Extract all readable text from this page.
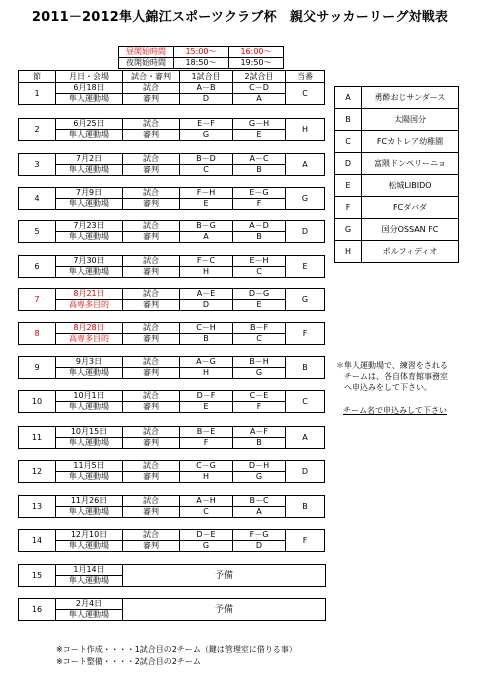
2011－2012隼人錦江スポーツクラブ杯　親父サッカーリーグ対戦表
昼開始時間	15:00～	16:00～
夜開始時間	18:50～	19:50～
節	月日・会場	試合・審判	1試合目	2試合目	当番
1	6月18日	試合	A－B	C－D	C
	隼人運動場	審判	D	A	
2	6月25日	試合	E－F	G－H	H
	隼人運動場	審判	G	E	
3	7月2日	試合	B－D	A－C	A
	隼人運動場	審判	C	B	
4	7月9日	試合	F－H	E－G	G
	隼人運動場	審判	E	F	
5	7月23日	試合	B－G	A－D	D
	隼人運動場	審判	A	B	
6	7月30日	試合	F－C	E－H	E
	隼人運動場	審判	H	C	
7	8月21日	試合	A－E	D－G	G
	高専多目的	審判	D	E	
8	8月28日	試合	C－H	B－F	F
	高専多目的	審判	B	C	
9	9月3日	試合	A－G	B－H	B
	隼人運動場	審判	H	G	
10	10月1日	試合	D－F	C－E	C
	隼人運動場	審判	E	F	
11	10月15日	試合	B－E	A－F	A
	隼人運動場	審判	F	B	
12	11月5日	試合	C－G	D－H	D
	隼人運動場	審判	H	G	
13	11月26日	試合	A－H	B－C	B
	隼人運動場	審判	C	A	
14	12月10日	試合	D－E	F－G	F
	隼人運動場	審判	G	D	
15	1月14日	予備
隼人運動場
16	2月4日	予備
隼人運動場
A	勇酔おじサンダース
B	太陽国分
C	FCカトレア幼稚園
D	富隈ドンペリーニョ
E	松城LIBIDO
F	FCダバダ
G	国分OSSAN FC
H	ポルフィディオ
＊隼人運動場で、練習をされる
チームは、各自体育館事務室
へ申込みをして下さい。
チーム名で申込みして下さい
※コート作成・・・・1試合目の2チーム（鍵は管理室に借りる事）
※コート整備・・・・2試合目の2チーム
